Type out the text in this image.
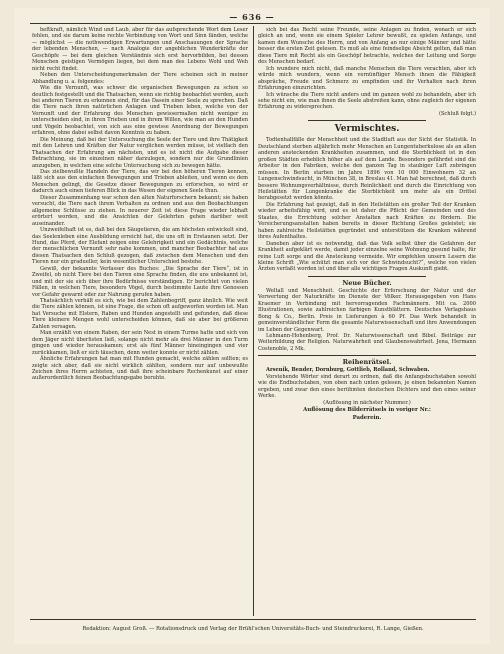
— 636 —

heftkraft, nämlich Wind und Laub, aber für das aufsprechende Wort dem Leser fehlen, und sie darum keine rechte Verbindung von Wort und Sinn fänden, welche — möglichst — die nothwendigen Erwartungen und Anschauungen der Sprache der lebenden Menschen, — nach Analogie der angeblichen Wunderkräfte der Geschöpfe — bei dem gleichen Verständnis sich erst hervorbilden, bei dessen Menschen geistigen Vermögen liegen, bei dem man des Lebens Wohl und Weh nicht recht findet.

Neben den Unterscheidungsmerkmalen der Tiere scheinen sich in meiner Abhandlung u. a. folgendes:

Wie die Vernunft, was schwer die organischen Bewegungen zu schon so deutlich festgestellt und die Thatsachen, wenn sie richtig beobachtet werden, auch bei anderen Tieren zu erkennen sind, für das Dasein einer Seele zu sprechen. Daß die Tiere nach ihren natürlichen Anlagen und Trieben leben, welche von der Vernunft und der Erfahrung des Menschen gewissermaßen nicht weniger zu unterscheiden sind, in ihren Trieben und in ihrem Willen, wie man an den Hunden und Vögeln beobachtet, von sich aus eine gewisse Anordnung der Bewegungen erfahren, ohne dabei selbst davon Kenntnis zu haben.

Die Meinung, daß bei der Untersuchung die Seele der Tiere und ihre Thätigkeit mit den Lehren und Kräften der Natur verglichen werden müsse, ist vielfach den Thatsachen der Erfahrung am nächsten, und es ist nicht die Aufgabe dieser Betrachtung, sie im einzelnen näher darzulegen, sondern nur die Grundlinien anzugeben, in welchen eine solche Untersuchung sich zu bewegen hätte.

Das zielbewußte Handeln der Tiere, das wir bei den höheren Tieren kennen, läßt sich aus den einfachen Bewegungen und Trieben ableiten, und wenn es dem Menschen gelingt, die Gesetze dieser Bewegungen zu erforschen, so wird er dadurch auch einen tieferen Blick in das Wesen der eigenen Seele thun.

Dieser Zusammenhang war schon den alten Naturforschern bekannt; sie haben versucht, die Tiere nach ihrem Verhalten zu ordnen und aus den Beobachtungen allgemeine Schlüsse zu ziehen. In neuerer Zeit ist diese Frage wieder lebhaft erörtert worden, und die Ansichten der Gelehrten gehen darüber weit auseinander.

Unzweifelhaft ist es, daß bei den Säugetieren, die am höchsten entwickelt sind, das Seelenleben eine Ausbildung erreicht hat, die uns oft in Erstaunen setzt. Der Hund, das Pferd, der Elefant zeigen eine Gelehrigkeit und ein Gedächtnis, welche der menschlichen Vernunft sehr nahe kommen, und mancher Beobachter hat aus diesen Thatsachen den Schluß gezogen, daß zwischen dem Menschen und den Tieren nur ein gradueller, kein wesentlicher Unterschied bestehe.

Gewiß, der bekannte Verfasser des Buches: „Die Sprache der Tiere“, ist in Zweifel, ob nicht Tiere bei den Tieren eine Sprache finden, die uns unbekannt ist, und mit der sie sich über ihre Bedürfnisse verständigen. Er berichtet von vielen Fällen, in welchen Tiere, besonders Vögel, durch bestimmte Laute ihre Genossen vor Gefahr gewarnt oder zur Nahrung gerufen haben.

Thatsächlich verhält es sich, wie bei dem Zahlenbegriff, ganz ähnlich. Wie weit die Tiere zählen können, ist eine Frage, die schon oft aufgeworfen worden ist. Man hat Versuche mit Elstern, Raben und Hunden angestellt und gefunden, daß diese Tiere kleinere Mengen wohl unterscheiden können, daß sie aber bei größeren Zahlen versagen.

Man erzählt von einem Raben, der sein Nest in einem Turme hatte und sich von dem Jäger nicht überlisten ließ, solange nicht mehr als drei Männer in den Turm gingen und wieder herauskamen; erst als fünf Männer hineingingen und vier zurückkamen, ließ er sich täuschen, denn weiter konnte er nicht zählen.

Ähnliche Erfahrungen hat man mit Hunden gemacht, welche zählen sollten; es zeigte sich aber, daß sie nicht wirklich zählten, sondern nur auf unbewußte Zeichen ihres Herrn achteten, und daß ihre scheinbare Rechenkunst auf einer außerordentlich feinen Beobachtungsgabe beruhte.

sich bei das Recht seine Freunde, seine Anlagen zu finden, wonach er sich gleich an und, wenn sie einem Spieler Lehrer bewußt, zu spielen Anfangs, und kamen dem Wunsche des Herrn, und von Anfang an nur einige Männer und hätte besser die ersten Zeit gelesen. Es muß als eine feindselige Absicht gelten, daß man diese Tiere mit Recht als ein Geschöpf betrachte, welches der Leitung und Sorge des Menschen bedarf.

Ich wundere mich nicht, daß manche Menschen die Tiere verachten, aber ich würde mich wundern, wenn ein vernünftiger Mensch ihnen die Fähigkeit abspräche, Freude und Schmerz zu empfinden und ihr Verhalten nach ihren Erfahrungen einzurichten.

Ich wünsche die Tiere nicht anders und im ganzen wohl zu behandeln, aber ich sehe nicht ein, wie man ihnen die Seele abstreiten kann, ohne zugleich der eigenen Erfahrung zu widersprechen.

(Schluß folgt.)

Vermischtes.

Todtenhallfälle der Menschheit und die Stadtluft aus der Sicht der Statistik. In Deutschland sterben alljährlich mehr Menschen an Lungentuberkulose als an allen anderen ansteckenden Krankheiten zusammen, und die Sterblichkeit ist in den großen Städten erheblich höher als auf dem Lande. Besonders gefährdet sind die Arbeiter in den Fabriken, welche den ganzen Tag in staubiger Luft zubringen müssen. In Berlin starben im Jahre 1896 von 10 000 Einwohnern 32 an Lungenschwindsucht, in München 38, in Breslau 41. Man hat berechnet, daß durch bessere Wohnungsverhältnisse, durch Reinlichkeit und durch die Einrichtung von Heilstätten für Lungenkranke die Sterblichkeit um mehr als ein Drittel herabgesetzt werden könnte.

Die Erfahrung hat gezeigt, daß in den Heilstätten ein großer Teil der Kranken wieder arbeitsfähig wird, und es ist daher die Pflicht der Gemeinden und des Staates, die Errichtung solcher Anstalten nach Kräften zu fördern. Die Versicherungsanstalten haben bereits in dieser Richtung Großes geleistet; sie haben zahlreiche Heilstätten gegründet und unterstützen die Kranken während ihres Aufenthaltes.

Daneben aber ist es notwendig, daß das Volk selbst über die Gefahren der Krankheit aufgeklärt werde, damit jeder einzelne seine Wohnung gesund halte, für reine Luft sorge und die Ansteckung vermeide. Wir empfehlen unsern Lesern die kleine Schrift „Wie schützt man sich vor der Schwindsucht?“, welche von vielen Ärzten verfaßt worden ist und über alle wichtigen Fragen Auskunft giebt.

Neue Bücher.

Weltall und Menschheit. Geschichte der Erforschung der Natur und der Verwertung der Naturkräfte im Dienste der Völker. Herausgegeben von Hans Kraemer in Verbindung mit hervorragenden Fachmännern. Mit ca. 2000 Illustrationen, sowie zahlreichen farbigen Kunstblättern. Deutsches Verlagshaus Bong & Co., Berlin. Preis in Lieferungen à 60 Pf. Das Werk behandelt in gemeinverständlicher Form die gesamte Naturwissenschaft und ihre Anwendungen im Leben der Gegenwart.

Lehmann-Hohenberg, Prof. Dr. Naturwissenschaft und Bibel. Beiträge zur Weiterbildung der Religion. Naturwahrheit und Glaubenswahrheit. Jena, Hermann Costenoble, 2 Mk.

Reihenrätsel.

Arsenik, Bender, Dornburg, Gottlieb, Rolland, Schwaben.

Vorstehende Wörter sind derart zu ordnen, daß die Anfangsbuchstaben sowohl wie die Endbuchstaben, von oben nach unten gelesen, je einen bekannten Namen ergeben, und zwar den eines berühmten deutschen Dichters und den eines seiner Werke.

(Auflösung in nächster Nummer.)

Auflösung des Bilderrätsels in voriger Nr.:

Paderein.

Redaktion: August Groß. — Rotationsdruck und Verlag der Brühl'schen Universitäts-Buch- und Steindruckerei, R. Lange, Gießen.
